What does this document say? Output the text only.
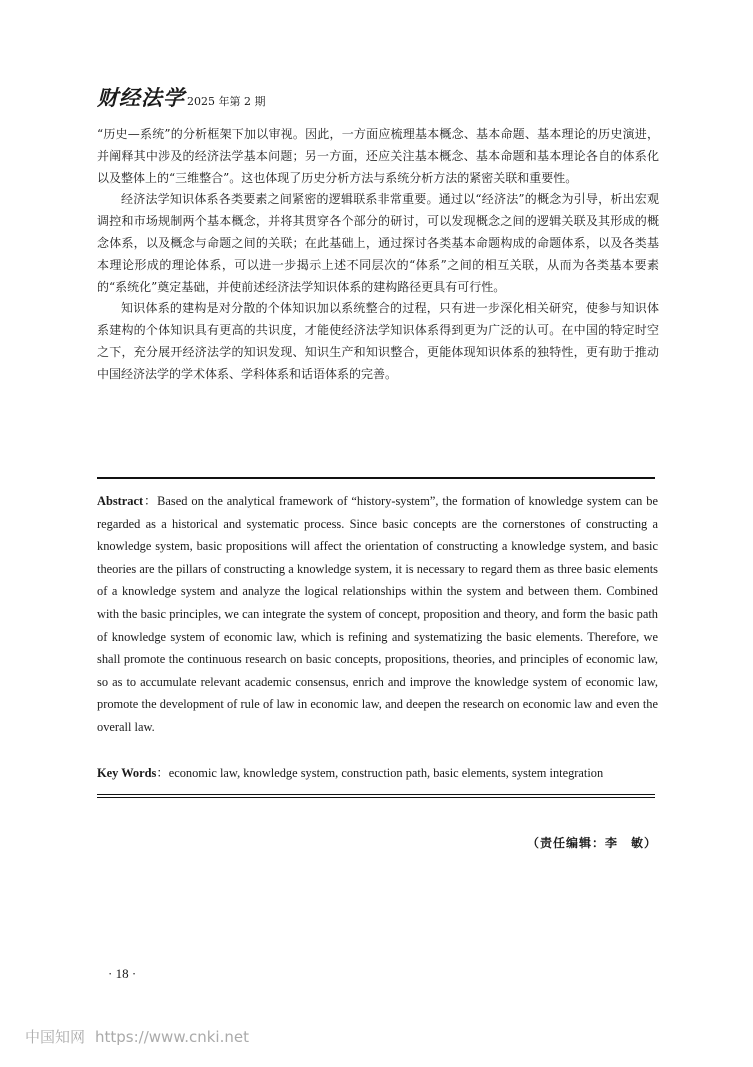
财经法学 2025 年第 2 期

“历史—系统”的分析框架下加以审视。因此，一方面应梳理基本概念、基本命题、基本理论的历史演进，并阐释其中涉及的经济法学基本问题；另一方面，还应关注基本概念、基本命题和基本理论各自的体系化以及整体上的“三维整合”。这也体现了历史分析方法与系统分析方法的紧密关联和重要性。

经济法学知识体系各类要素之间紧密的逻辑联系非常重要。通过以“经济法”的概念为引导，析出宏观调控和市场规制两个基本概念，并将其贯穿各个部分的研讨，可以发现概念之间的逻辑关联及其形成的概念体系，以及概念与命题之间的关联；在此基础上，通过探讨各类基本命题构成的命题体系，以及各类基本理论形成的理论体系，可以进一步揭示上述不同层次的“体系”之间的相互关联，从而为各类基本要素的“系统化”奠定基础，并使前述经济法学知识体系的建构路径更具有可行性。

知识体系的建构是对分散的个体知识加以系统整合的过程，只有进一步深化相关研究，使参与知识体系建构的个体知识具有更高的共识度，才能使经济法学知识体系得到更为广泛的认可。在中国的特定时空之下，充分展开经济法学的知识发现、知识生产和知识整合，更能体现知识体系的独特性，更有助于推动中国经济法学的学术体系、学科体系和话语体系的完善。

Abstract：Based on the analytical framework of “history-system”, the formation of knowledge system can be regarded as a historical and systematic process. Since basic concepts are the cornerstones of constructing a knowledge system, basic propositions will affect the orientation of constructing a knowledge system, and basic theories are the pillars of constructing a knowledge system, it is necessary to regard them as three basic elements of a knowledge system and analyze the logical relationships within the system and between them. Combined with the basic principles, we can integrate the system of concept, proposition and theory, and form the basic path of knowledge system of economic law, which is refining and systematizing the basic elements. Therefore, we shall promote the continuous research on basic concepts, propositions, theories, and principles of economic law, so as to accumulate relevant academic consensus, enrich and improve the knowledge system of economic law, promote the development of rule of law in economic law, and deepen the research on economic law and even the overall law.

Key Words：economic law, knowledge system, construction path, basic elements, system integration
（责任编辑：李　敏）
· 18 ·
中国知网 https://www.cnki.net
